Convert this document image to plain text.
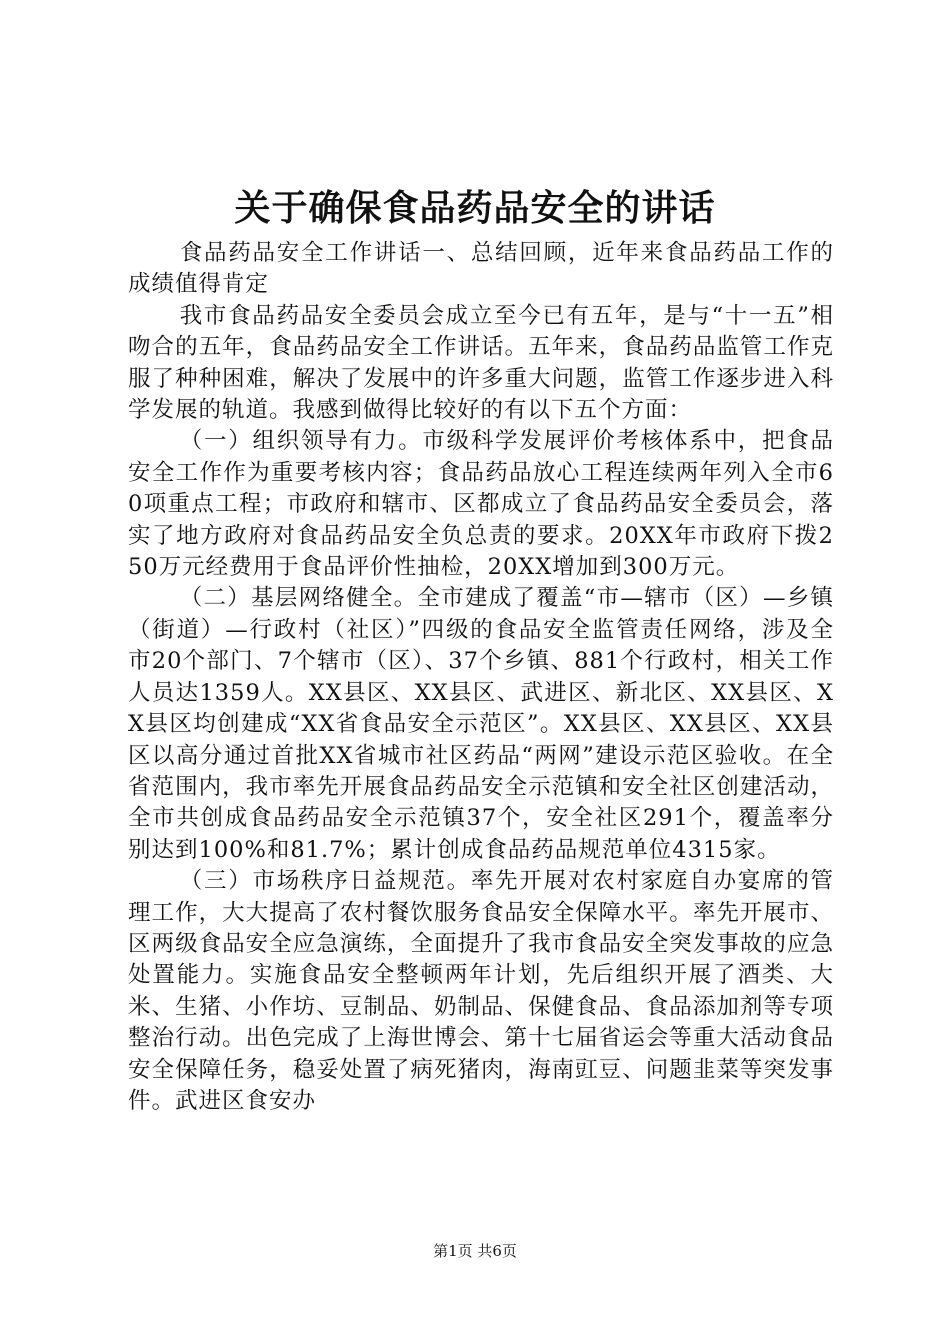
关于确保食品药品安全的讲话

食品药品安全工作讲话一、总结回顾，近年来食品药品工作的成绩值得肯定

我市食品药品安全委员会成立至今已有五年，是与“十一五”相吻合的五年，食品药品安全工作讲话。五年来，食品药品监管工作克服了种种困难，解决了发展中的许多重大问题，监管工作逐步进入科学发展的轨道。我感到做得比较好的有以下五个方面：

（一）组织领导有力。市级科学发展评价考核体系中，把食品安全工作作为重要考核内容；食品药品放心工程连续两年列入全市60项重点工程；市政府和辖市、区都成立了食品药品安全委员会，落实了地方政府对食品药品安全负总责的要求。20XX年市政府下拨250万元经费用于食品评价性抽检，20XX增加到300万元。

（二）基层网络健全。全市建成了覆盖“市—辖市（区）—乡镇（街道）—行政村（社区）”四级的食品安全监管责任网络，涉及全市20个部门、7个辖市（区）、37个乡镇、881个行政村，相关工作人员达1359人。XX县区、XX县区、武进区、新北区、XX县区、XX县区均创建成“XX省食品安全示范区”。XX县区、XX县区、XX县区以高分通过首批XX省城市社区药品“两网”建设示范区验收。在全省范围内，我市率先开展食品药品安全示范镇和安全社区创建活动，全市共创成食品药品安全示范镇37个，安全社区291个，覆盖率分别达到100%和81.7%；累计创成食品药品规范单位4315家。

（三）市场秩序日益规范。率先开展对农村家庭自办宴席的管理工作，大大提高了农村餐饮服务食品安全保障水平。率先开展市、区两级食品安全应急演练，全面提升了我市食品安全突发事故的应急处置能力。实施食品安全整顿两年计划，先后组织开展了酒类、大米、生猪、小作坊、豆制品、奶制品、保健食品、食品添加剂等专项整治行动。出色完成了上海世博会、第十七届省运会等重大活动食品安全保障任务，稳妥处置了病死猪肉，海南豇豆、问题韭菜等突发事件。武进区食安办

第1页 共6页
